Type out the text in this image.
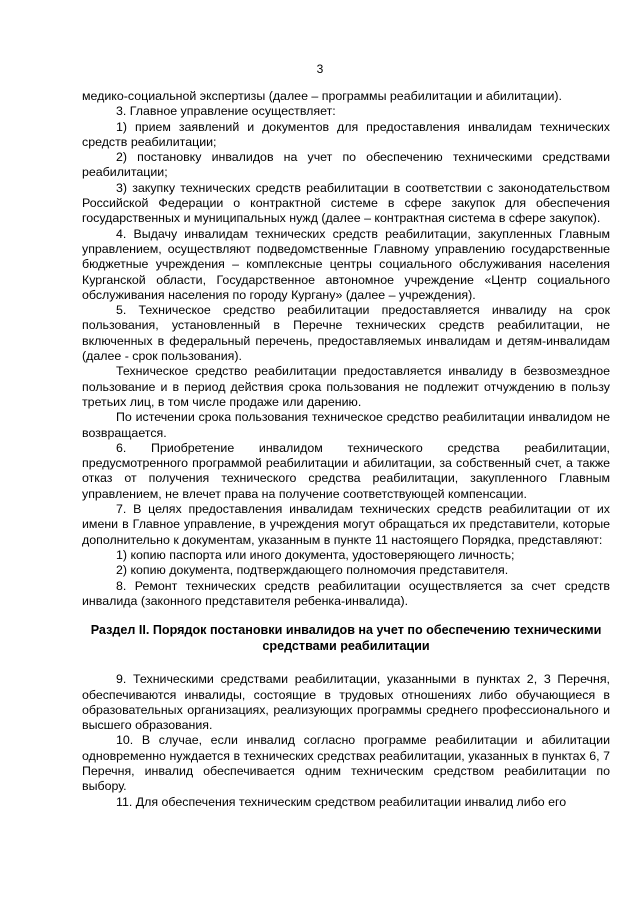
3

медико-социальной экспертизы (далее – программы реабилитации и абилитации).

3. Главное управление осуществляет:

1) прием заявлений и документов для предоставления инвалидам технических средств реабилитации;

2) постановку инвалидов на учет по обеспечению техническими средствами реабилитации;

3) закупку технических средств реабилитации в соответствии с законодательством Российской Федерации о контрактной системе в сфере закупок для обеспечения государственных и муниципальных нужд (далее – контрактная система в сфере закупок).

4. Выдачу инвалидам технических средств реабилитации, закупленных Главным управлением, осуществляют подведомственные Главному управлению государственные бюджетные учреждения – комплексные центры социального обслуживания населения Курганской области, Государственное автономное учреждение «Центр социального обслуживания населения по городу Кургану» (далее – учреждения).

5. Техническое средство реабилитации предоставляется инвалиду на срок пользования, установленный в Перечне технических средств реабилитации, не включенных в федеральный перечень, предоставляемых инвалидам и детям-инвалидам (далее - срок пользования).

Техническое средство реабилитации предоставляется инвалиду в безвозмездное пользование и в период действия срока пользования не подлежит отчуждению в пользу третьих лиц, в том числе продаже или дарению.

По истечении срока пользования техническое средство реабилитации инвалидом не возвращается.

6. Приобретение инвалидом технического средства реабилитации, предусмотренного программой реабилитации и абилитации, за собственный счет, а также отказ от получения технического средства реабилитации, закупленного Главным управлением, не влечет права на получение соответствующей компенсации.

7. В целях предоставления инвалидам технических средств реабилитации от их имени в Главное управление, в учреждения могут обращаться их представители, которые дополнительно к документам, указанным в пункте 11 настоящего Порядка, представляют:

1) копию паспорта или иного документа, удостоверяющего личность;

2) копию документа, подтверждающего полномочия представителя.

8. Ремонт технических средств реабилитации осуществляется за счет средств инвалида (законного представителя ребенка-инвалида).

Раздел II. Порядок постановки инвалидов на учет по обеспечению техническими средствами реабилитации

9. Техническими средствами реабилитации, указанными в пунктах 2, 3 Перечня, обеспечиваются инвалиды, состоящие в трудовых отношениях либо обучающиеся в образовательных организациях, реализующих программы среднего профессионального и высшего образования.

10. В случае, если инвалид согласно программе реабилитации и абилитации одновременно нуждается в технических средствах реабилитации, указанных в пунктах 6, 7 Перечня, инвалид обеспечивается одним техническим средством реабилитации по выбору.

11. Для обеспечения техническим средством реабилитации инвалид либо его
